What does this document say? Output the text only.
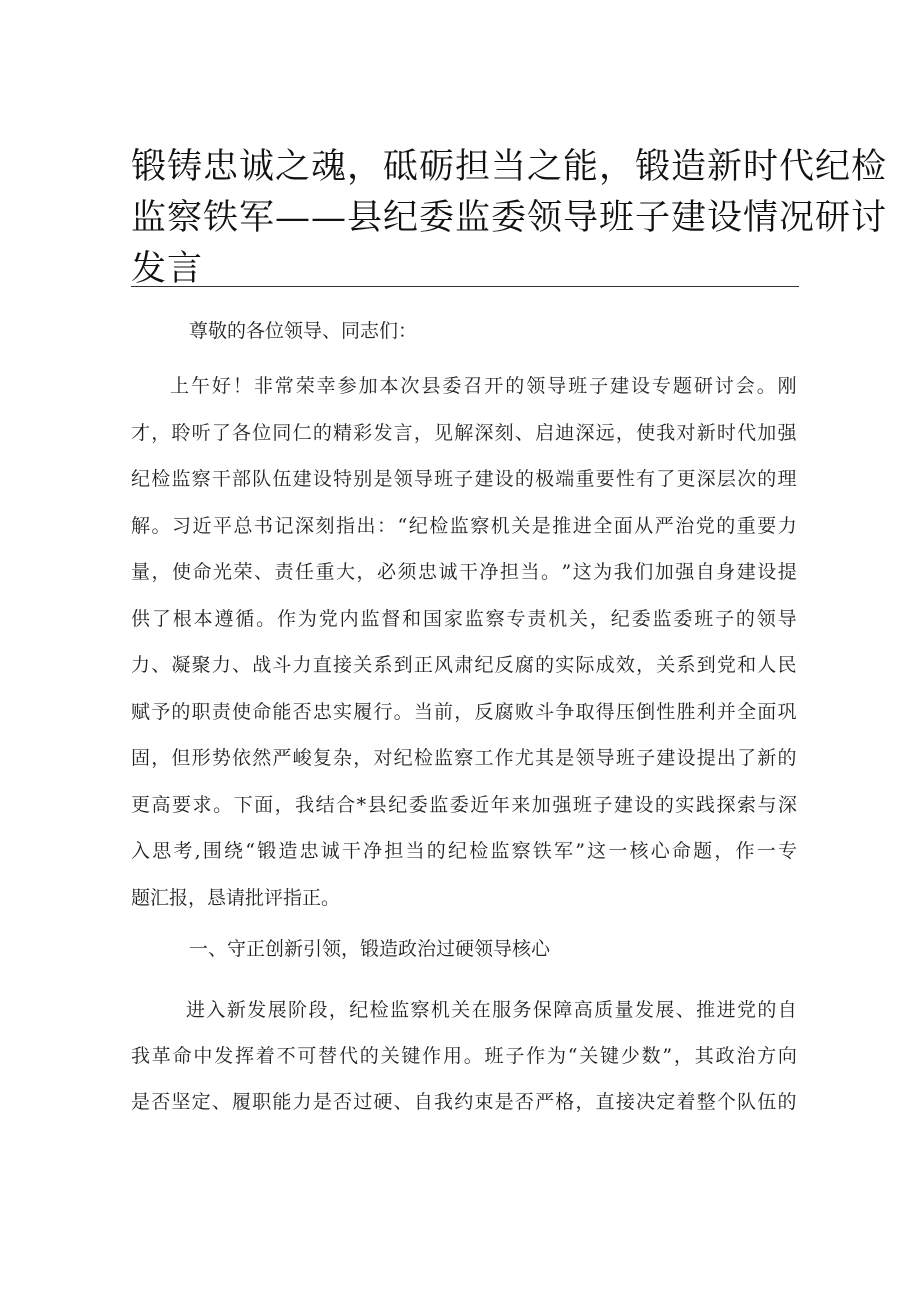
锻铸忠诚之魂，砥砺担当之能，锻造新时代纪检
监察铁军——县纪委监委领导班子建设情况研讨
发言
尊敬的各位领导、同志们：
上 午 好 ！ 非 常 荣 幸 参 加 本 次 县 委 召 开 的 领 导 班 子 建 设 专 题 研 讨 会 。 刚
才 ， 聆 听 了 各 位 同 仁 的 精 彩 发 言 ， 见 解 深 刻 、 启 迪 深 远 ， 使 我 对 新 时 代 加 强
纪 检 监 察 干 部 队 伍 建 设 特 别 是 领 导 班 子 建 设 的 极 端 重 要 性 有 了 更 深 层 次 的 理
解 。 习 近 平 总 书 记 深 刻 指 出 ： “ 纪 检 监 察 机 关 是 推 进 全 面 从 严 治 党 的 重 要 力
量 ， 使 命 光 荣 、 责 任 重 大 ， 必 须 忠 诚 干 净 担 当 。 ” 这 为 我 们 加 强 自 身 建 设 提
供 了 根 本 遵 循 。 作 为 党 内 监 督 和 国 家 监 察 专 责 机 关 ， 纪 委 监 委 班 子 的 领 导
力 、 凝 聚 力 、 战 斗 力 直 接 关 系 到 正 风 肃 纪 反 腐 的 实 际 成 效 ， 关 系 到 党 和 人 民
赋 予 的 职 责 使 命 能 否 忠 实 履 行 。 当 前 ， 反 腐 败 斗 争 取 得 压 倒 性 胜 利 并 全 面 巩
固 ， 但 形 势 依 然 严 峻 复 杂 ， 对 纪 检 监 察 工 作 尤 其 是 领 导 班 子 建 设 提 出 了 新 的
更 高 要 求 。 下 面 ， 我 结 合 * 县 纪 委 监 委 近 年 来 加 强 班 子 建 设 的 实 践 探 索 与 深
入 思 考 , 围 绕 “ 锻 造 忠 诚 干 净 担 当 的 纪 检 监 察 铁 军 ” 这 一 核 心 命 题 ， 作 一 专
题汇报，恳请批评指正。
一、守正创新引领，锻造政治过硬领导核心
进 入 新 发 展 阶 段 ， 纪 检 监 察 机 关 在 服 务 保 障 高 质 量 发 展 、 推 进 党 的 自
我 革 命 中 发 挥 着 不 可 替 代 的 关 键 作 用 。 班 子 作 为 “ 关 键 少 数 ” ， 其 政 治 方 向
是 否 坚 定 、 履 职 能 力 是 否 过 硬 、 自 我 约 束 是 否 严 格 ， 直 接 决 定 着 整 个 队 伍 的
